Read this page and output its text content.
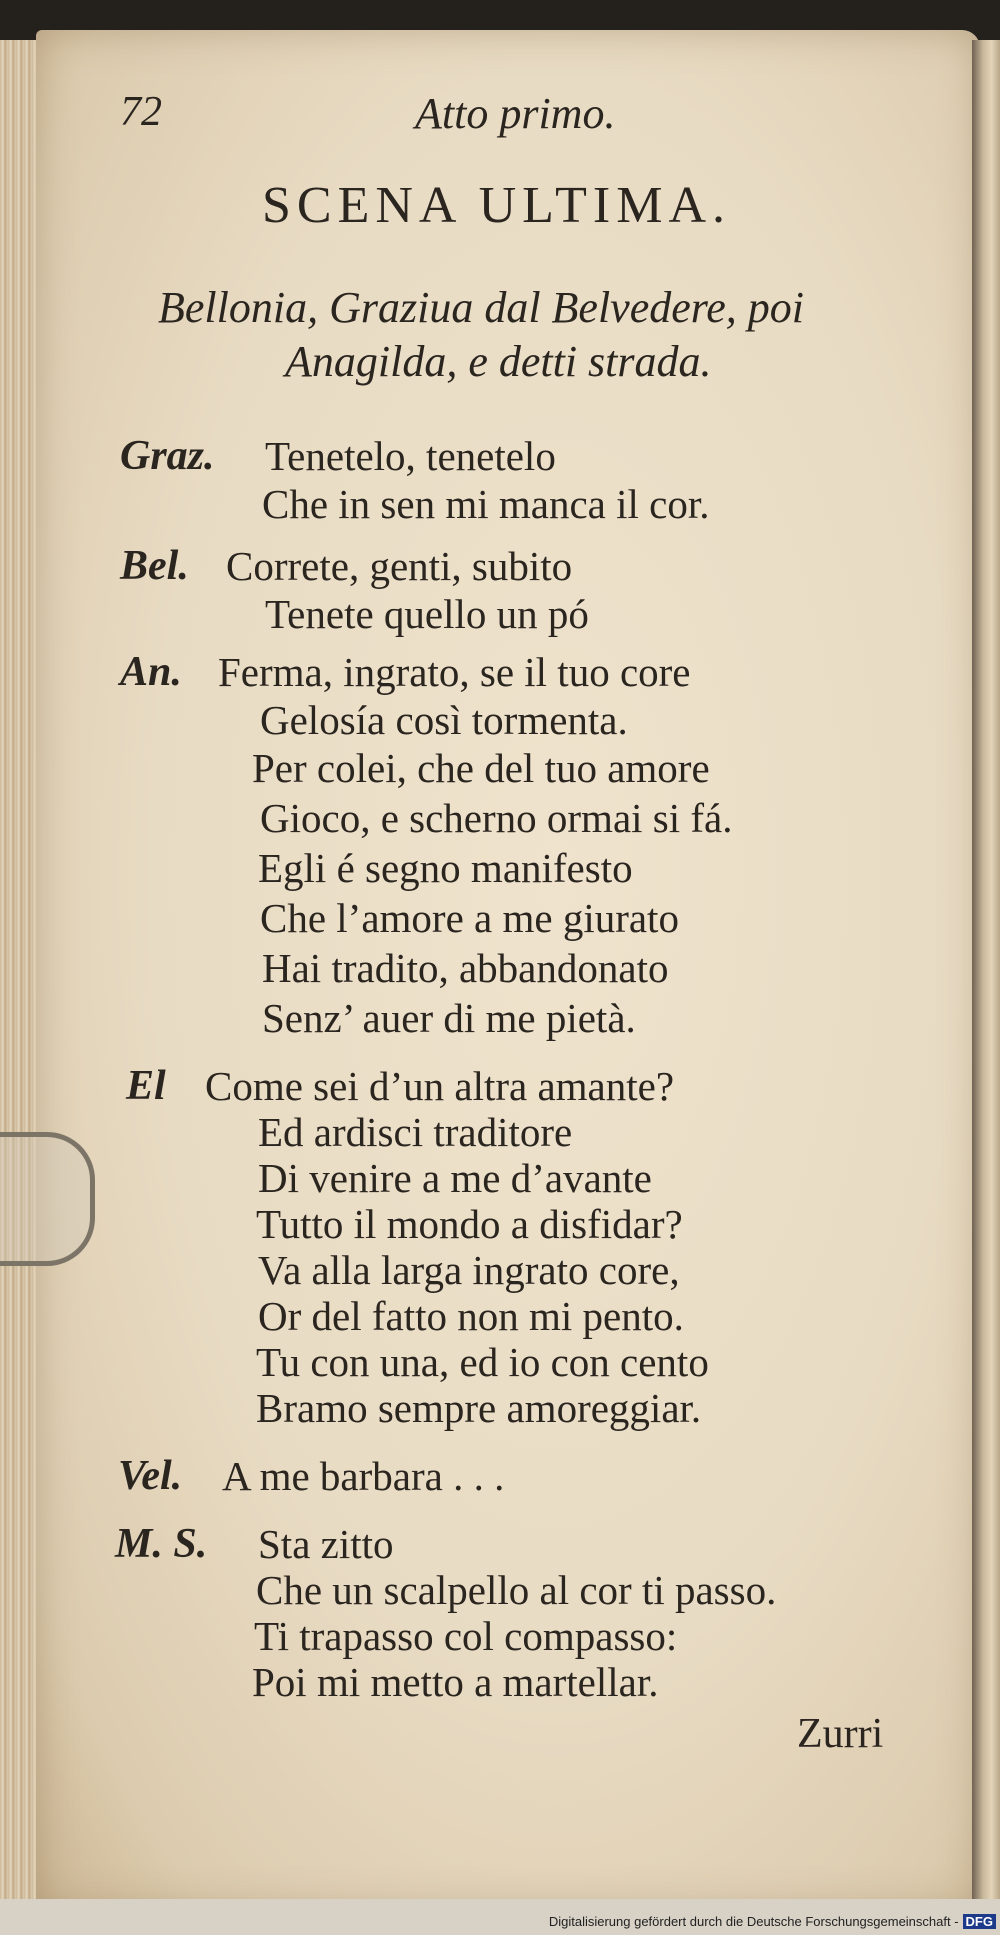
72	Atto primo.
SCENA ULTIMA.
Bellonia, Graziua dal Belvedere, poi
Anagilda, e detti strada.
Graz. Tenetelo, tenetelo
Che in sen mi manca il cor.
Bel. Correte, genti, subito
Tenete quello un pó
An. Ferma, ingrato, se il tuo core
Gelosía così tormenta.
Per colei, che del tuo amore
Gioco, e scherno ormai si fá.
Egli é segno manifesto
Che l’amore a me giurato
Hai tradito, abbandonato
Senz’ auer di me pietà.
El Come sei d’un altra amante?
Ed ardisci traditore
Di venire a me d’avante
Tutto il mondo a disfidar?
Va alla larga ingrato core,
Or del fatto non mi pento.
Tu con una, ed io con cento
Bramo sempre amoreggiar.
Vel. A me barbara . . .
M. S. Sta zitto
Che un scalpello al cor ti passo.
Ti trapasso col compasso:
Poi mi metto a martellar.
Zurri
Digitalisierung gefördert durch die Deutsche Forschungsgemeinschaft - DFG
